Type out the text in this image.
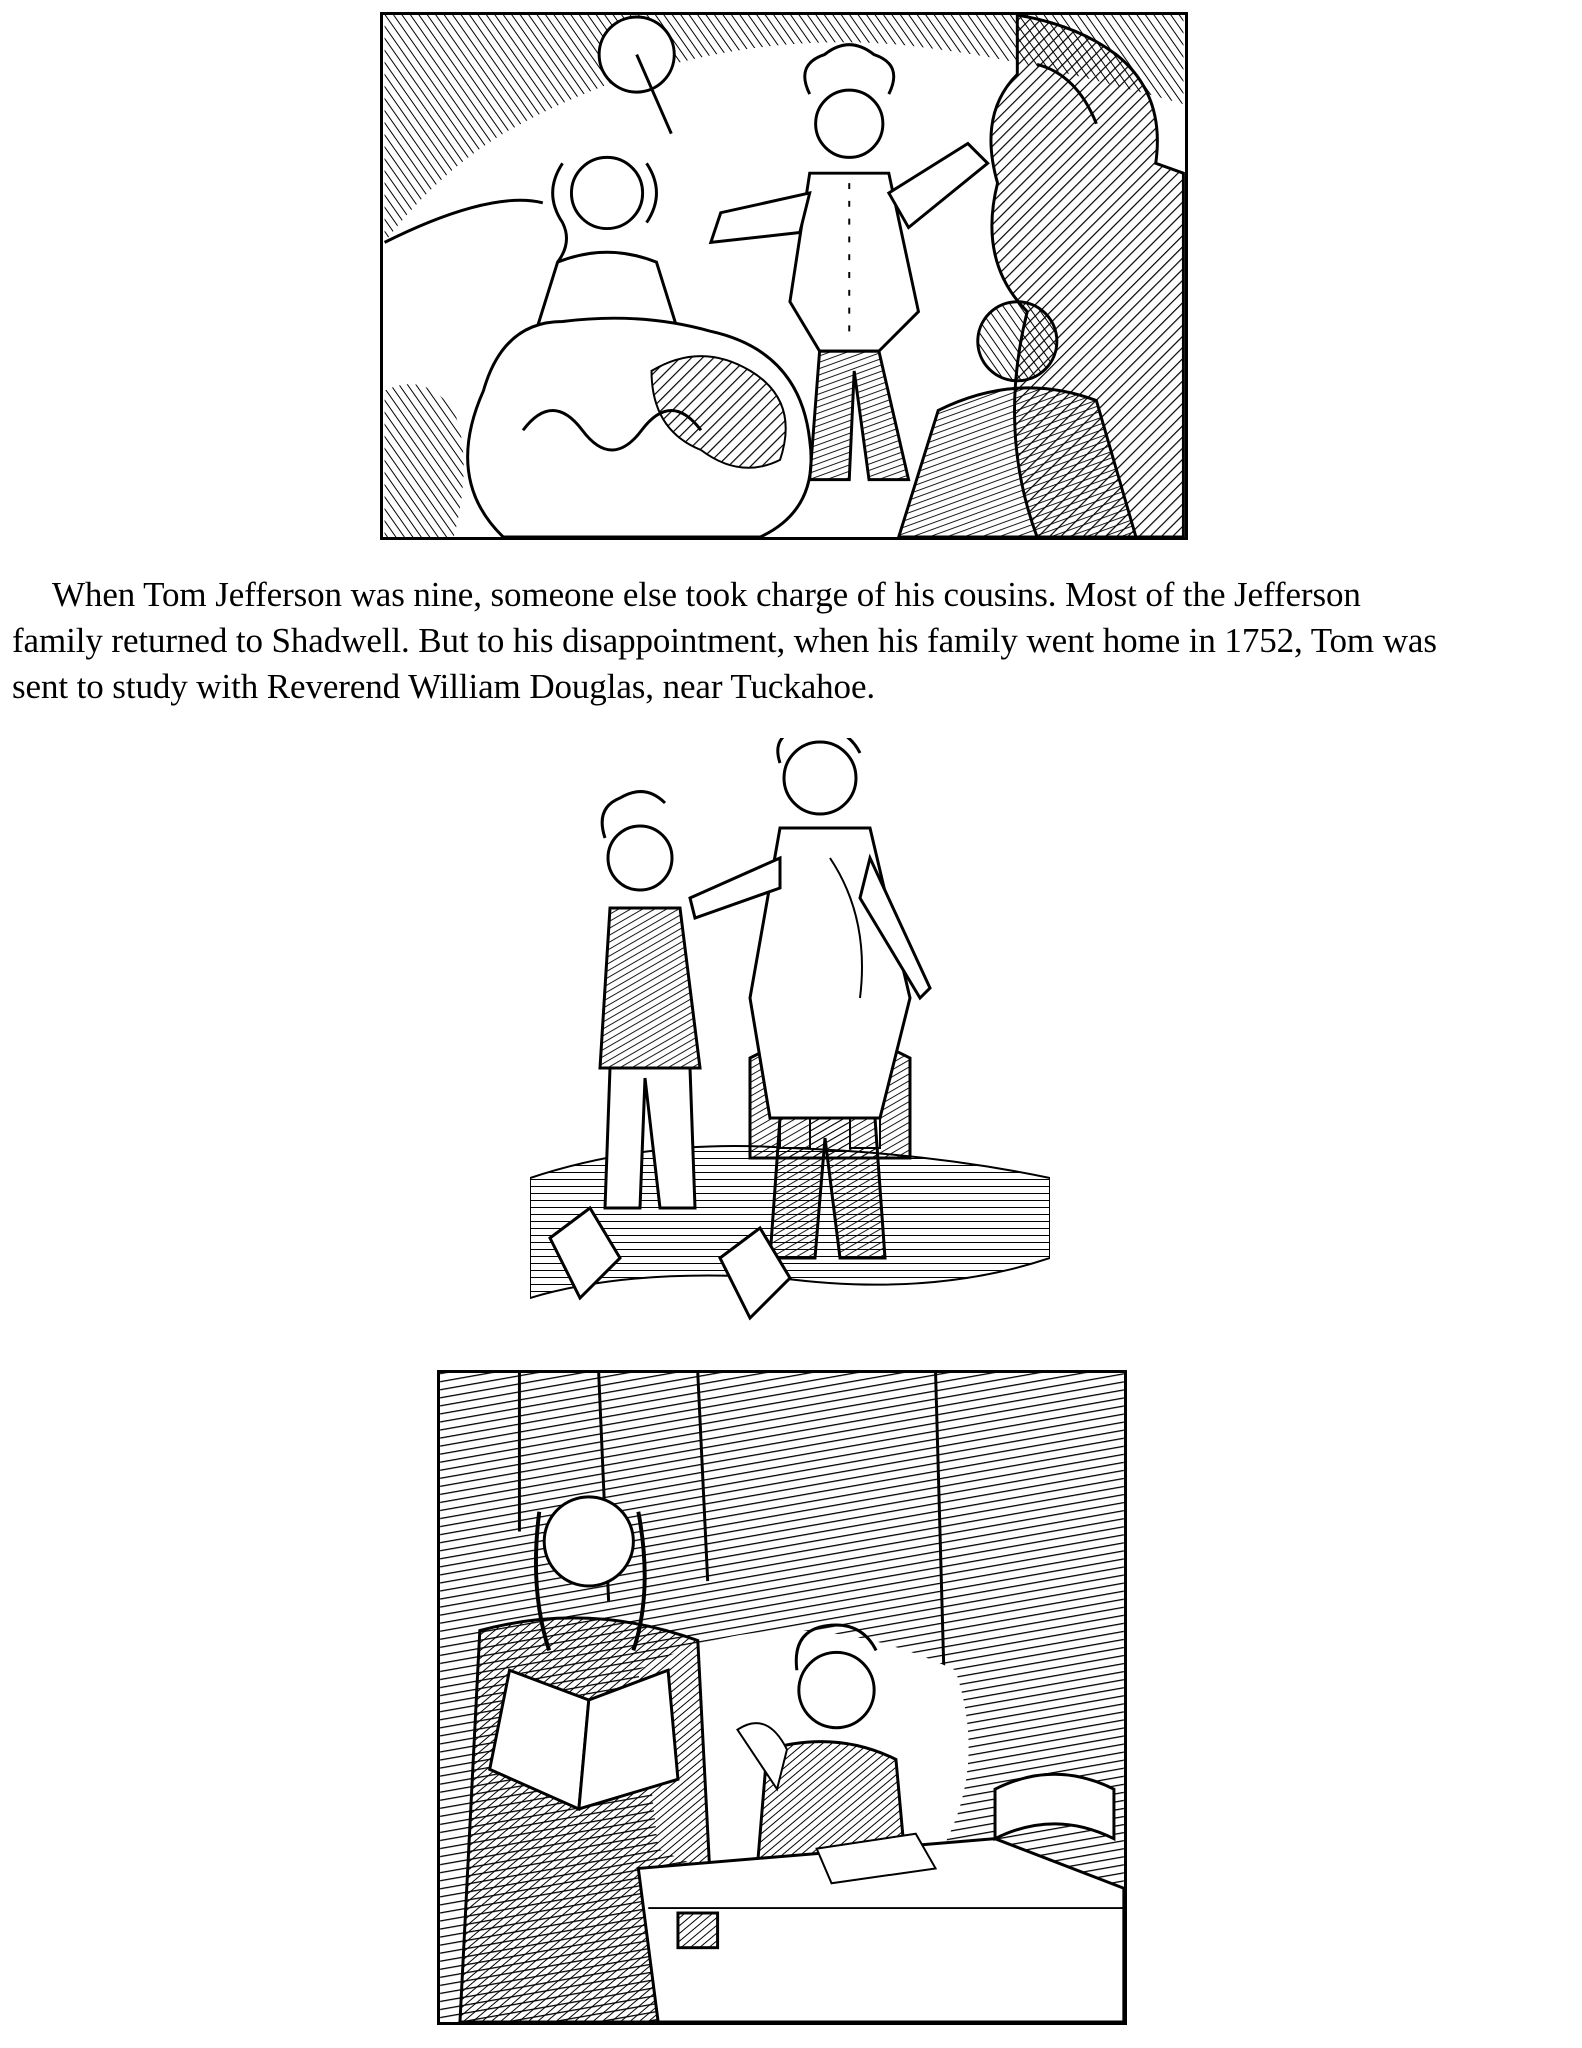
When Tom Jefferson was nine, someone else took charge of his cousins. Most of the Jefferson
family returned to Shadwell. But to his disappointment, when his family went home in 1752, Tom was
sent to study with Reverend William Douglas, near Tuckahoe.
